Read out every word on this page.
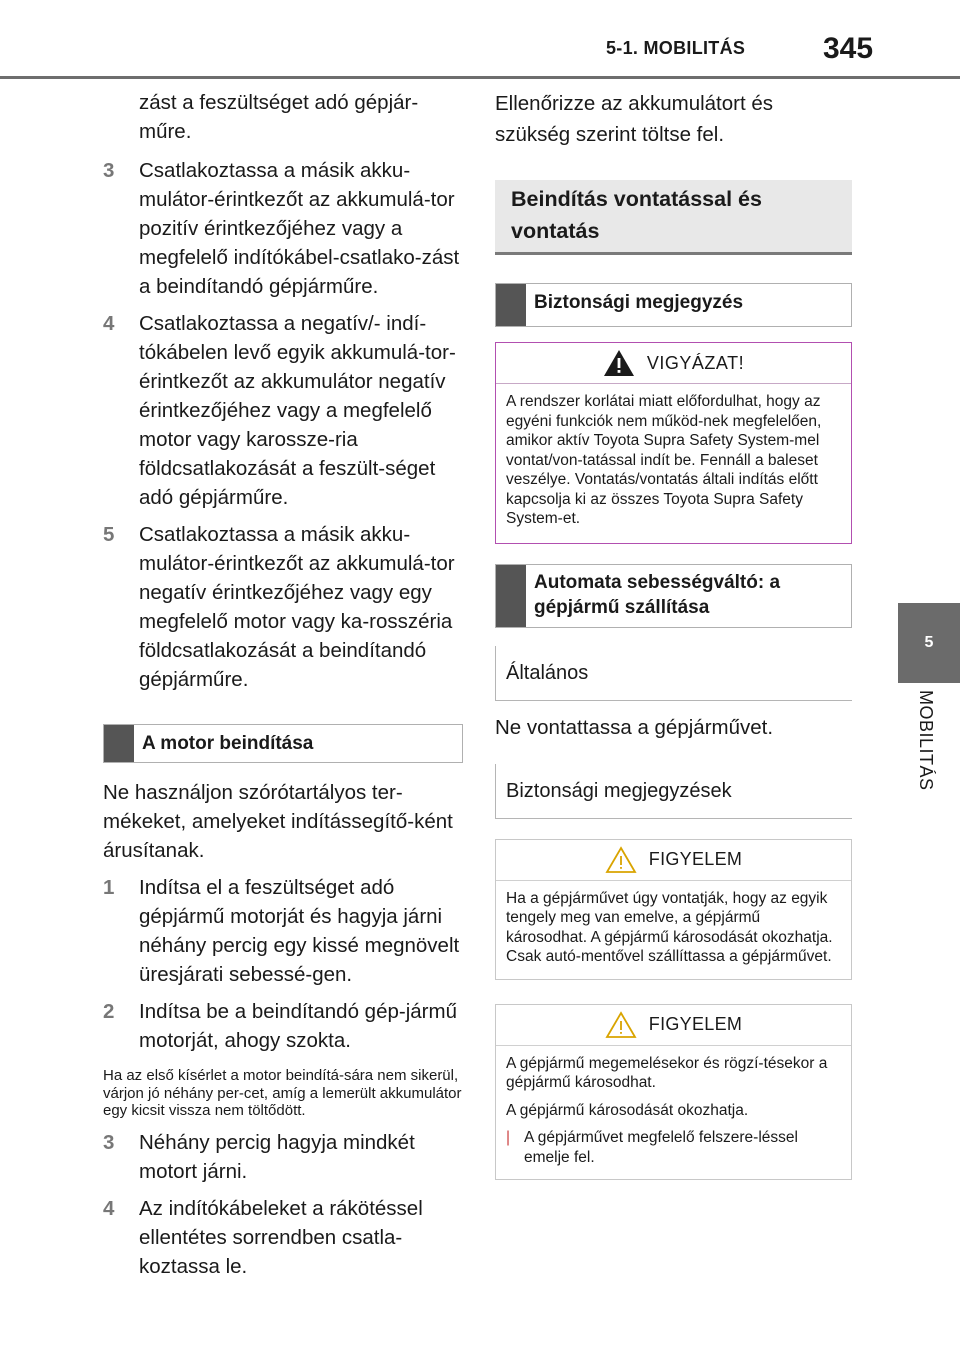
5-1. MOBILITÁS	345
5
MOBILITÁS

zást a feszültséget adó gépjár-műre.

3	Csatlakoztassa a másik akku-mulátor-érintkezőt az akkumulá-tor pozitív érintkezőjéhez vagy a megfelelő indítókábel-csatlako-zást a beindítandó gépjárműre.
4	Csatlakoztassa a negatív/- indí-tókábelen levő egyik akkumulá-tor-érintkezőt az akkumulátor negatív érintkezőjéhez vagy a megfelelő motor vagy karossze-ria földcsatlakozását a feszült-séget adó gépjárműre.
5	Csatlakoztassa a másik akku-mulátor-érintkezőt az akkumulá-tor negatív érintkezőjéhez vagy egy megfelelő motor vagy ka-rosszéria földcsatlakozását a beindítandó gépjárműre.
A motor beindítása

Ne használjon szórótartályos ter-mékeket, amelyeket indítássegítő-ként árusítanak.

1	Indítsa el a feszültséget adó gépjármű motorját és hagyja járni néhány percig egy kissé megnövelt üresjárati sebessé-gen.
2	Indítsa be a beindítandó gép-jármű motorját, ahogy szokta.

Ha az első kísérlet a motor beindítá-sára nem sikerül, várjon jó néhány per-cet, amíg a lemerült akkumulátor egy kicsit vissza nem töltődött.

3	Néhány percig hagyja mindkét motort járni.
4	Az indítókábeleket a rákötéssel ellentétes sorrendben csatla-koztassa le.

Ellenőrizze az akkumulátort és szükség szerint töltse fel.

Beindítás vontatással és vontatás
Biztonsági megjegyzés
VIGYÁZAT!
A rendszer korlátai miatt előfordulhat, hogy az egyéni funkciók nem működ-nek megfelelően, amikor aktív Toyota Supra Safety System-mel vontat/von-tatással indít be. Fennáll a baleset veszélye. Vontatás/vontatás általi indítás előtt kapcsolja ki az összes Toyota Supra Safety System-et.
Automata sebességváltó: a gépjármű szállítása
Általános

Ne vontattassa a gépjárművet.

Biztonsági megjegyzések
FIGYELEM
Ha a gépjárművet úgy vontatják, hogy az egyik tengely meg van emelve, a gépjármű károsodhat. A gépjármű károsodását okozhatja. Csak autó-mentővel szállíttassa a gépjárművet.
FIGYELEM
A gépjármű megemelésekor és rögzí-tésekor a gépjármű károsodhat.
A gépjármű károsodását okozhatja.
| A gépjárművet megfelelő felszere-léssel emelje fel.
